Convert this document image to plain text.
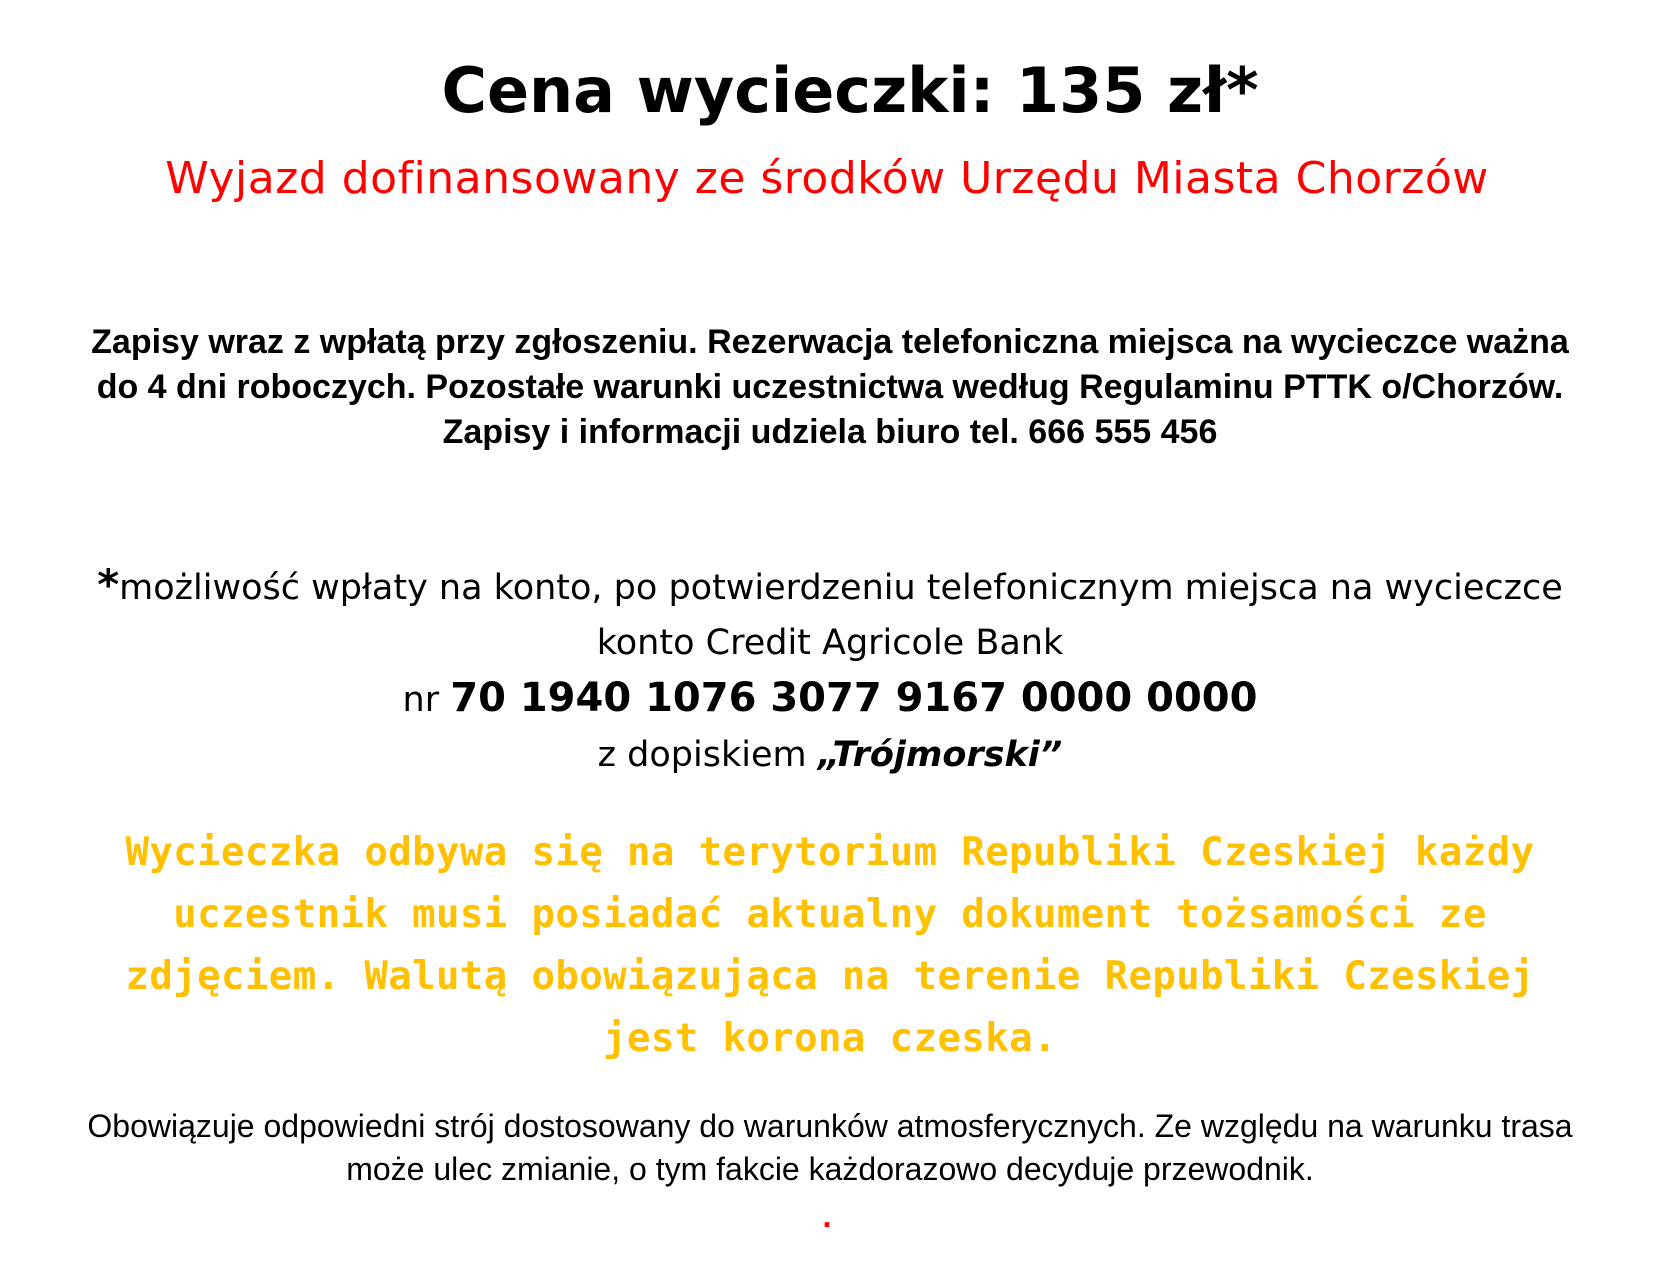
Cena wycieczki: 135 zł*
Wyjazd dofinansowany ze środków Urzędu Miasta Chorzów

Zapisy wraz z wpłatą przy zgłoszeniu. Rezerwacja telefoniczna miejsca na wycieczce ważna do 4 dni roboczych. Pozostałe warunki uczestnictwa według Regulaminu PTTK o/Chorzów.

Zapisy i informacji udziela biuro tel. 666 555 456

*możliwość wpłaty na konto, po potwierdzeniu telefonicznym miejsca na wycieczce

konto Credit Agricole Bank

nr 70 1940 1076 3077 9167 0000 0000

z dopiskiem „Trójmorski”

Wycieczka odbywa się na terytorium Republiki Czeskiej każdy uczestnik musi posiadać aktualny dokument tożsamości ze zdjęciem. Walutą obowiązująca na terenie Republiki Czeskiej jest korona czeska.
Obowiązuje odpowiedni strój dostosowany do warunków atmosferycznych. Ze względu na warunku trasa może ulec zmianie, o tym fakcie każdorazowo decyduje przewodnik.
.
